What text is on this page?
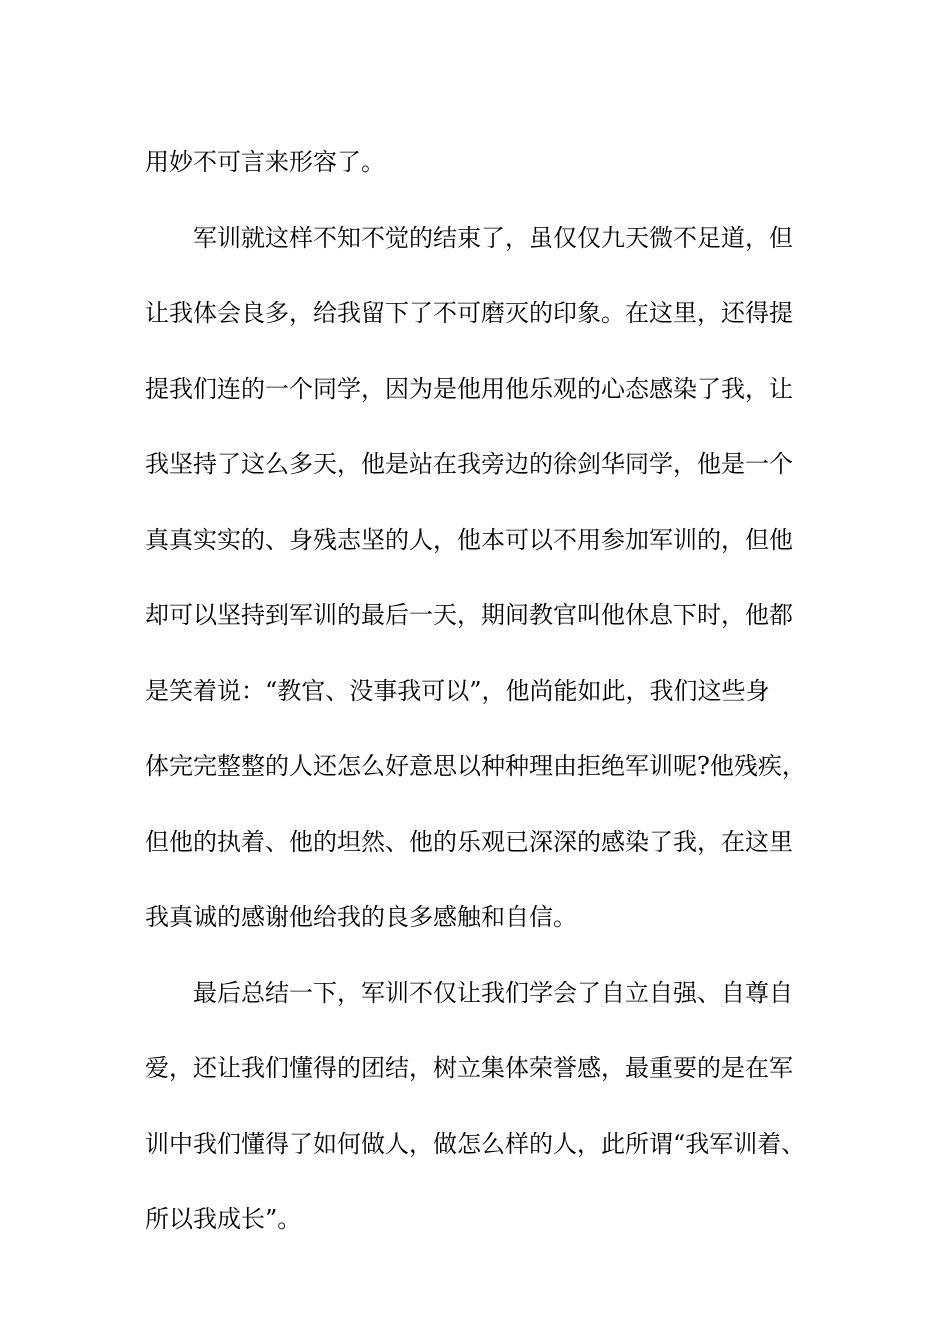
用妙不可言来形容了。
军训就这样不知不觉的结束了，虽仅仅九天微不足道，但
让我体会良多，给我留下了不可磨灭的印象。在这里，还得提
提我们连的一个同学，因为是他用他乐观的心态感染了我，让
我坚持了这么多天，他是站在我旁边的徐剑华同学，他是一个
真真实实的、身残志坚的人，他本可以不用参加军训的，但他
却可以坚持到军训的最后一天，期间教官叫他休息下时，他都
是笑着说：“教官、没事我可以”，他尚能如此，我们这些身
体完完整整的人还怎么好意思以种种理由拒绝军训呢?他残疾，
但他的执着、他的坦然、他的乐观已深深的感染了我，在这里
我真诚的感谢他给我的良多感触和自信。
最后总结一下，军训不仅让我们学会了自立自强、自尊自
爱，还让我们懂得的团结，树立集体荣誉感，最重要的是在军
训中我们懂得了如何做人，做怎么样的人，此所谓“我军训着、
所以我成长”。
